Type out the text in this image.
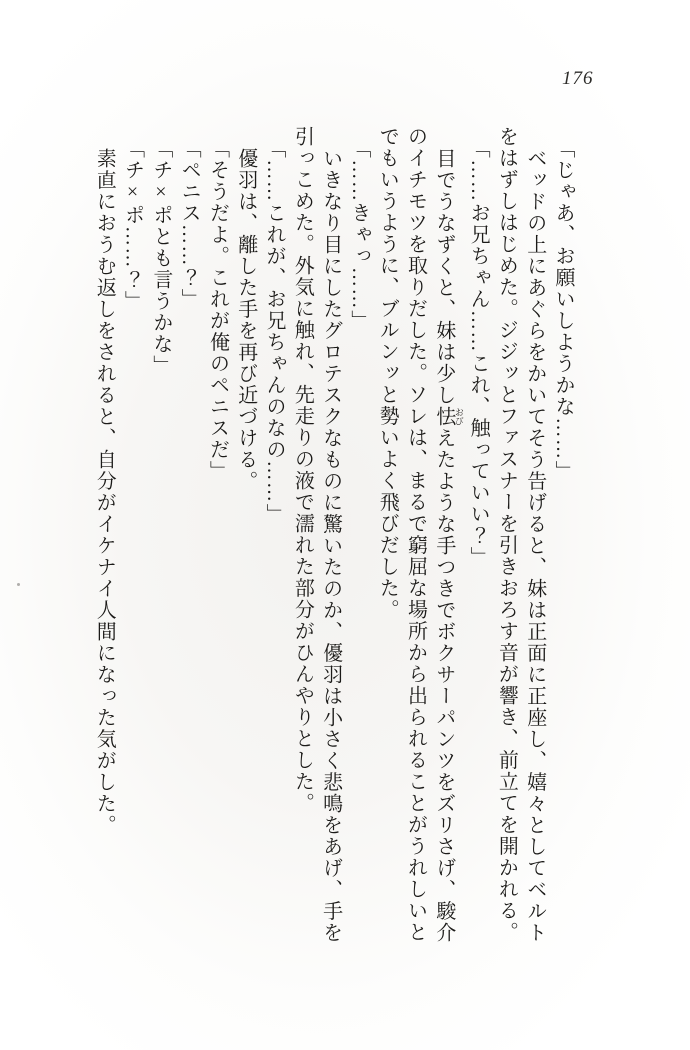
176

「じゃあ、お願いしようかな……」

ベッドの上にあぐらをかいてそう告げると、妹は正面に正座し、嬉々としてベルト

をはずしはじめた。ジジッとファスナーを引きおろす音が響き、前立てを開かれる。

「……お兄ちゃん……これ、触っていい？」

目でうなずくと、妹は少し怯 おびえたような手つきでボクサーパンツをズリさげ、駿介

のイチモツを取りだした。ソレは、まるで窮屈な場所から出られることがうれしいと

でもいうように、ブルンッと勢いよく飛びだした。

「……きゃっ……」

いきなり目にしたグロテスクなものに驚いたのか、優羽は小さく悲鳴をあげ、手を

引っこめた。外気に触れ、先走りの液で濡れた部分がひんやりとした。

「……これが、お兄ちゃんのなの……」

優羽は、離した手を再び近づける。

「そうだよ。これが俺のペニスだ」

「ペニス……？」

「チ×ポとも言うかな」

「チ×ポ……？」

素直におうむ返しをされると、自分がイケナイ人間になった気がした。
